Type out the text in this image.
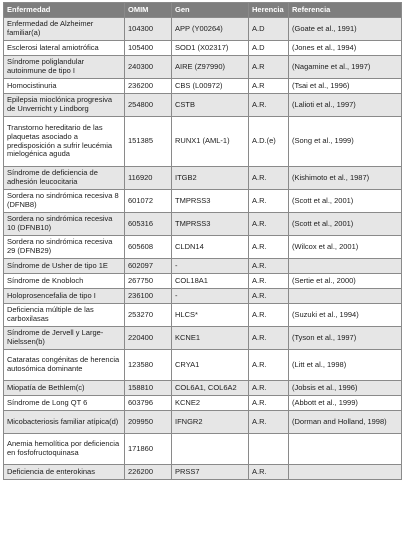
Enfermedad	OMIM	Gen	Herencia	Referencia
Enfermedad de Alzheimer familiar(a)	104300	APP (Y00264)	A.D	(Goate et al., 1991)
Esclerosi lateral amiotrófica	105400	SOD1 (X02317)	A.D	(Jones et al., 1994)
Síndrome poliglandular autoinmune de tipo I	240300	AIRE (Z97990)	A.R	(Nagamine et al., 1997)
Homocistinuria	236200	CBS (L00972)	A.R	(Tsai et al., 1996)
Epilepsia mioclónica progresiva de Unverricht y Lindborg	254800	CSTB	A.R.	(Lalioti et al., 1997)
Transtorno hereditario de las plaquetas asociado a predisposición a sufrir leucémia mielogénica aguda	151385	RUNX1 (AML-1)	A.D.(e)	(Song et al., 1999)
Síndrome de deficiencia de adhesión leucocitaria	116920	ITGB2	A.R.	(Kishimoto et al., 1987)
Sordera no sindrómica recesiva 8 (DFNB8)	601072	TMPRSS3	A.R.	(Scott et al., 2001)
Sordera no sindrómica recesiva 10 (DFNB10)	605316	TMPRSS3	A.R.	(Scott et al., 2001)
Sordera no sindrómica recesiva 29 (DFNB29)	605608	CLDN14	A.R.	(Wilcox et al., 2001)
Síndrome de Usher de tipo 1E	602097	-	A.R.	
Síndrome de Knobloch	267750	COL18A1	A.R.	(Sertie et al., 2000)
Holoprosencefalia de tipo I	236100	-	A.R.	
Deficiencia múltiple de las carboxilasas	253270	HLCS*	A.R.	(Suzuki et al., 1994)
Síndrome de Jervell y Large-Nielssen(b)	220400	KCNE1	A.R.	(Tyson et al., 1997)
Cataratas congénitas de herencia autosómica dominante	123580	CRYA1	A.R.	(Litt et al., 1998)
Miopatía de Bethlem(c)	158810	COL6A1, COL6A2	A.R.	(Jobsis et al., 1996)
Síndrome de Long QT 6	603796	KCNE2	A.R.	(Abbott et al., 1999)
Micobacteriosis familiar atípica(d)	209950	IFNGR2	A.R.	(Dorman and Holland, 1998)
Anemia hemolítica por deficiencia en fosfofructoquinasa	171860			
Deficiencia de enterokinas	226200	PRSS7	A.R.	
